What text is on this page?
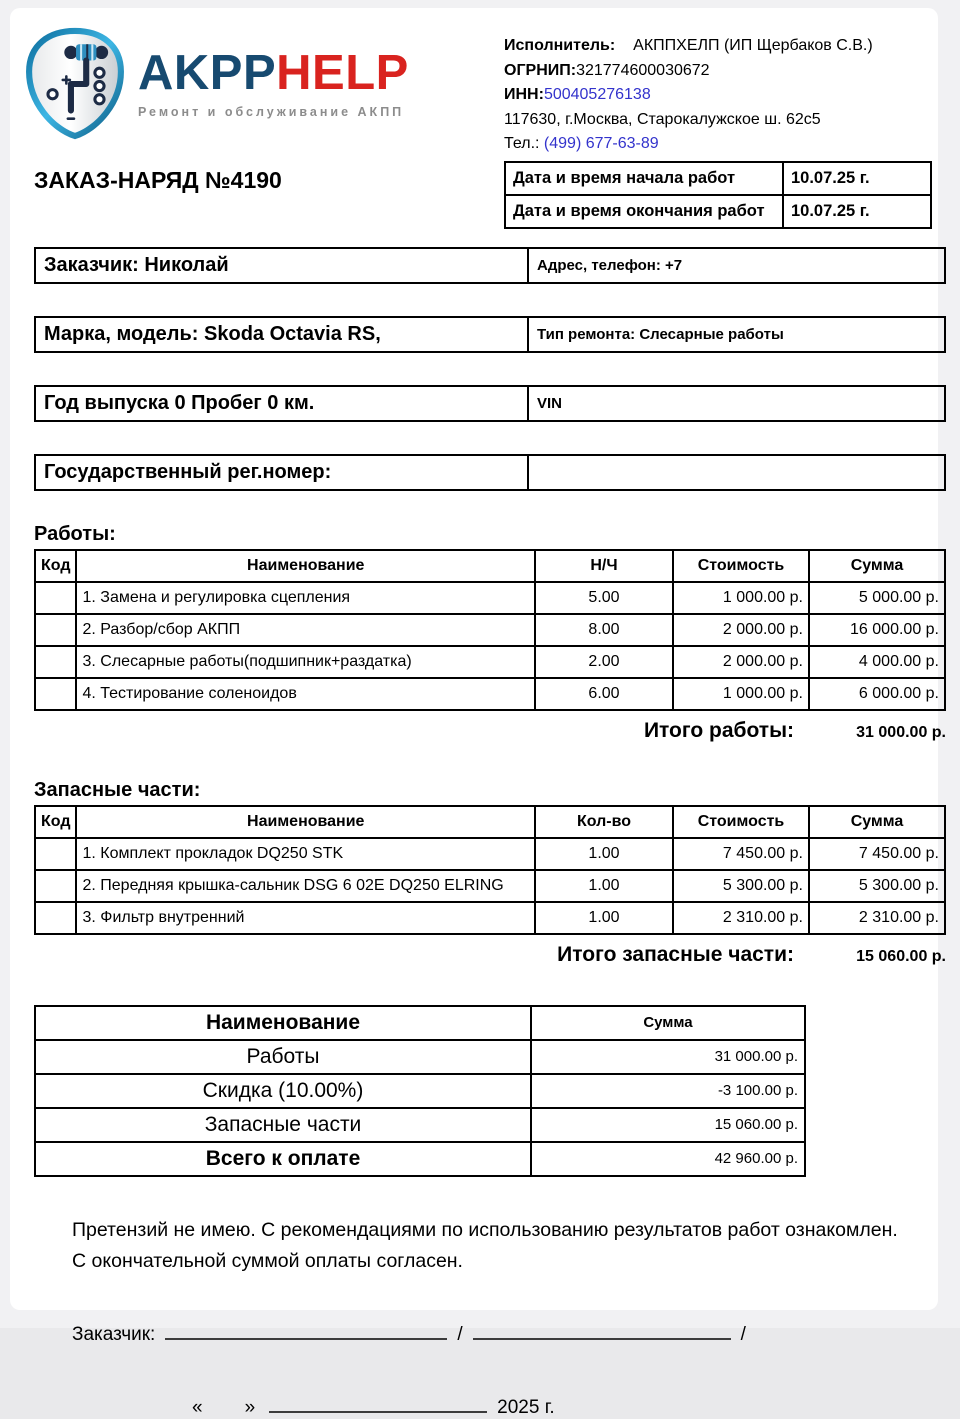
AKPPHELP
Ремонт и обслуживание АКПП
Исполнитель: АКППХЕЛП (ИП Щербаков С.В.)
ОГРНИП:321774600030672
ИНН:500405276138
117630, г.Москва, Старокалужское ш. 62с5
Тел.: (499) 677-63-89
ЗАКАЗ-НАРЯД №4190	Дата и время начала работ	10.07.25 г.
Дата и время окончания работ	10.07.25 г.
Заказчик: Николай	Адрес, телефон: +7
Марка, модель: Skoda Octavia RS,	Тип ремонта: Слесарные работы
Год выпуска 0 Пробег 0 км.	VIN
Государственный рег.номер:	
Работы:
Код	Наименование	Н/Ч	Стоимость	Сумма
	1. Замена и регулировка сцепления	5.00	1 000.00 р.	5 000.00 р.
	2. Разбор/сбор АКПП	8.00	2 000.00 р.	16 000.00 р.
	3. Слесарные работы(подшипник+раздатка)	2.00	2 000.00 р.	4 000.00 р.
	4. Тестирование соленоидов	6.00	1 000.00 р.	6 000.00 р.
Итого работы:	31 000.00 р.
Запасные части:
Код	Наименование	Кол-во	Стоимость	Сумма
	1. Комплект прокладок DQ250 STK	1.00	7 450.00 р.	7 450.00 р.
	2. Передняя крышка-сальник DSG 6 02E DQ250 ELRING	1.00	5 300.00 р.	5 300.00 р.
	3. Фильтр внутренний	1.00	2 310.00 р.	2 310.00 р.
Итого запасные части:	15 060.00 р.
Наименование	Сумма
Работы	31 000.00 р.
Скидка (10.00%)	-3 100.00 р.
Запасные части	15 060.00 р.
Всего к оплате	42 960.00 р.

Претензий не имею. С рекомендациями по использованию результатов работ ознакомлен. С окончательной суммой оплаты согласен.

Заказчик:	/	/
« »	2025 г.
